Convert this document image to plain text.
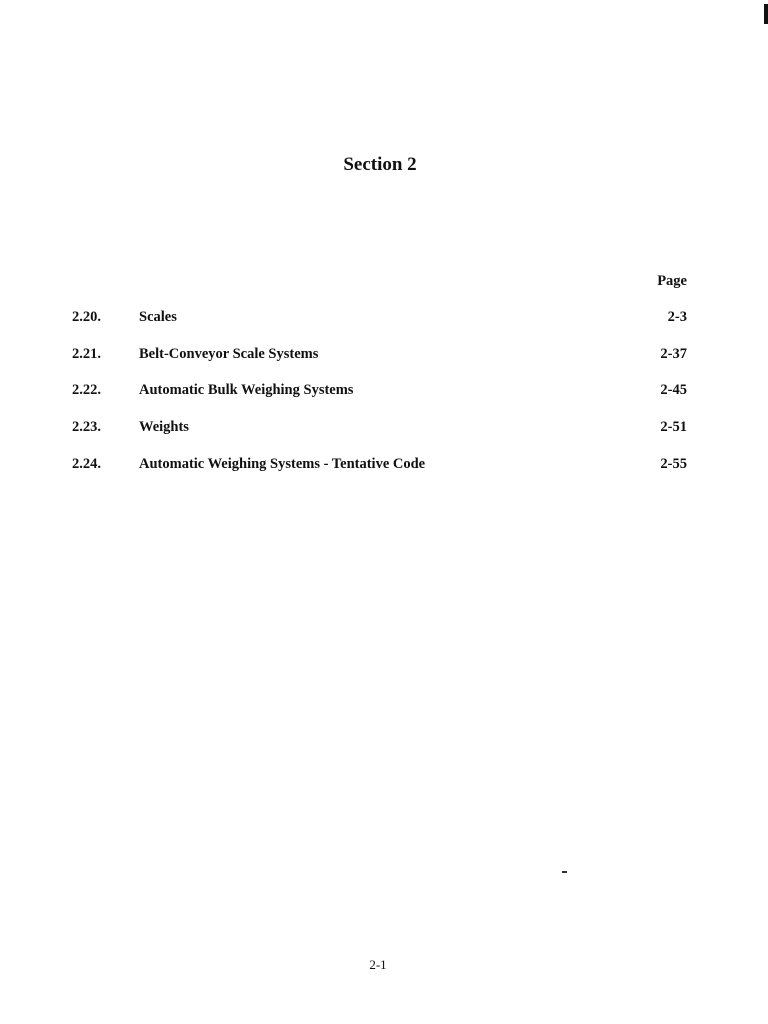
Section 2
Page
2.20.	Scales	2-3
2.21.	Belt-Conveyor Scale Systems	2-37
2.22.	Automatic Bulk Weighing Systems	2-45
2.23.	Weights	2-51
2.24.	Automatic Weighing Systems - Tentative Code	2-55
2-1
